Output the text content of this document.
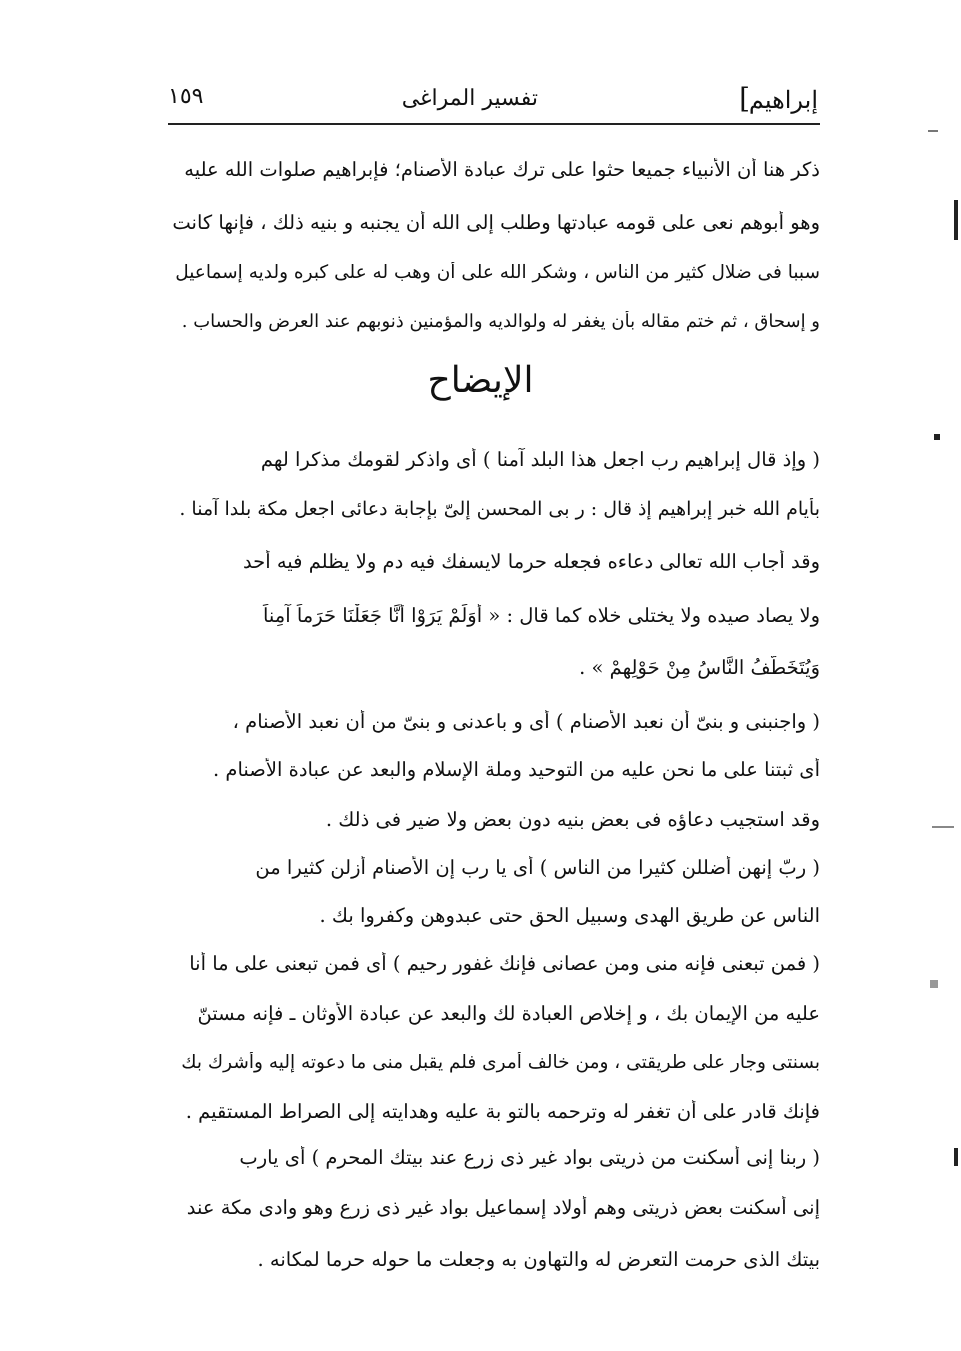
إبراهيم
]
تفسير المراغى
١٥٩
ذكر هنا أن الأنبياء جميعا حثوا على ترك عبادة الأصنام؛ فإبراهيم صلوات الله عليه
وهو أبوهم نعى على قومه عبادتها وطلب إلى الله أن يجنبه و بنيه ذلك ، فإنها كانت
سببا فى ضلال كثير من الناس ، وشكر الله على أن وهب له على كبره ولديه إسماعيل
و إسحاق ، ثم ختم مقاله بأن يغفر له ولوالديه والمؤمنين ذنوبهم عند العرض والحساب .
الإيضاح
( وإذ قال إبراهيم رب اجعل هذا البلد آمنا ) أى واذكر لقومك مذكرا لهم
بأيام الله خبر إبراهيم إذ قال : ر بى المحسن إلىّ بإجابة دعائى اجعل مكة بلدا آمنا .
وقد أجاب الله تعالى دعاءه فجعله حرما لايسفك فيه دم ولا يظلم فيه أحد
ولا يصاد صيده ولا يختلى خلاه كما قال : « أَوَلَمْ يَرَوْا أَنَّا جَعَلْنَا حَرَماً آمِناً
وَيُتَخَطَّفُ النَّاسُ مِنْ حَوْلِهِمْ » .
( واجنبنى و بنىّ أن نعبد الأصنام ) أى و باعدنى و بنىّ من أن نعبد الأصنام ،
أى ثبتنا على ما نحن عليه من التوحيد وملة الإسلام والبعد عن عبادة الأصنام .
وقد استجيب دعاؤه فى بعض بنيه دون بعض ولا ضير فى ذلك .
( ربّ إنهن أضللن كثيرا من الناس ) أى يا رب إن الأصنام أزلن كثيرا من
الناس عن طريق الهدى وسبيل الحق حتى عبدوهن وكفروا بك .
( فمن تبعنى فإنه منى ومن عصانى فإنك غفور رحيم ) أى فمن تبعنى على ما أنا
عليه من الإيمان بك ، و إخلاص العبادة لك والبعد عن عبادة الأوثان ـ فإنه مستنّ
بسنتى وجار على طريقتى ، ومن خالف أمرى فلم يقبل منى ما دعوته إليه وأشرك بك
فإنك قادر على أن تغفر له وترحمه بالتو بة عليه وهدايته إلى الصراط المستقيم .
( ربنا إنى أسكنت من ذريتى بواد غير ذى زرع عند بيتك المحرم ) أى يارب
إنى أسكنت بعض ذريتى وهم أولاد إسماعيل بواد غير ذى زرع وهو وادى مكة عند
بيتك الذى حرمت التعرض له والتهاون به وجعلت ما حوله حرما لمكانه .
